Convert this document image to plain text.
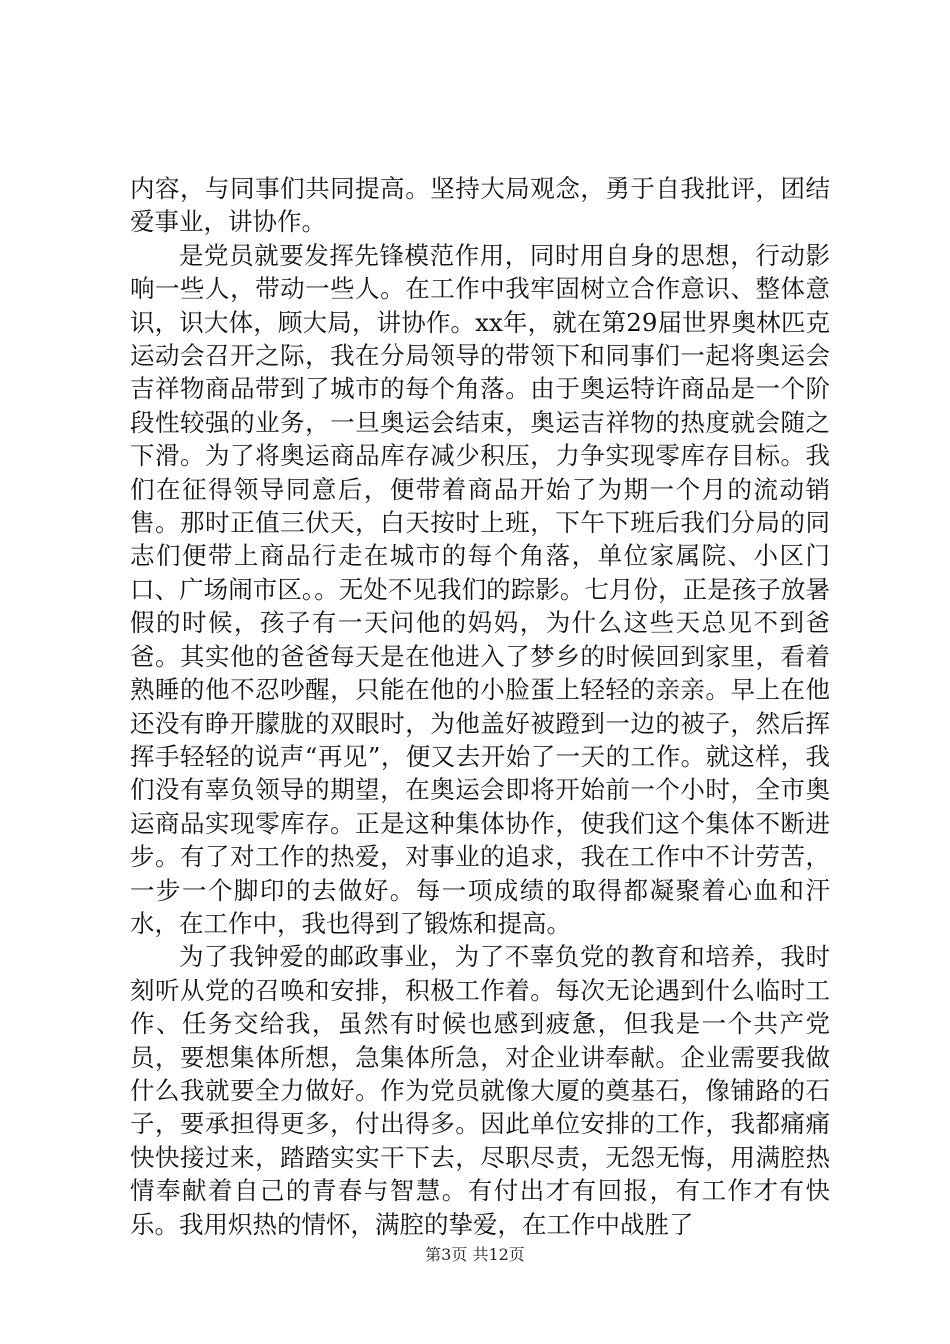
内容，与同事们共同提高。坚持大局观念，勇于自我批评，团结爱事业，讲协作。

是党员就要发挥先锋模范作用，同时用自身的思想，行动影响一些人，带动一些人。在工作中我牢固树立合作意识、整体意识，识大体，顾大局，讲协作。xx年，就在第29届世界奥林匹克运动会召开之际，我在分局领导的带领下和同事们一起将奥运会吉祥物商品带到了城市的每个角落。由于奥运特许商品是一个阶段性较强的业务，一旦奥运会结束，奥运吉祥物的热度就会随之下滑。为了将奥运商品库存减少积压，力争实现零库存目标。我们在征得领导同意后，便带着商品开始了为期一个月的流动销售。那时正值三伏天，白天按时上班，下午下班后我们分局的同志们便带上商品行走在城市的每个角落，单位家属院、小区门口、广场闹市区。。无处不见我们的踪影。七月份，正是孩子放暑假的时候，孩子有一天问他的妈妈，为什么这些天总见不到爸爸。其实他的爸爸每天是在他进入了梦乡的时候回到家里，看着熟睡的他不忍吵醒，只能在他的小脸蛋上轻轻的亲亲。早上在他还没有睁开朦胧的双眼时，为他盖好被蹬到一边的被子，然后挥挥手轻轻的说声“再见”，便又去开始了一天的工作。就这样，我们没有辜负领导的期望，在奥运会即将开始前一个小时，全市奥运商品实现零库存。正是这种集体协作，使我们这个集体不断进步。有了对工作的热爱，对事业的追求，我在工作中不计劳苦，一步一个脚印的去做好。每一项成绩的取得都凝聚着心血和汗水，在工作中，我也得到了锻炼和提高。

为了我钟爱的邮政事业，为了不辜负党的教育和培养，我时刻听从党的召唤和安排，积极工作着。每次无论遇到什么临时工作、任务交给我，虽然有时候也感到疲惫，但我是一个共产党员，要想集体所想，急集体所急，对企业讲奉献。企业需要我做什么我就要全力做好。作为党员就像大厦的奠基石，像铺路的石子，要承担得更多，付出得多。因此单位安排的工作，我都痛痛快快接过来，踏踏实实干下去，尽职尽责，无怨无悔，用满腔热情奉献着自己的青春与智慧。有付出才有回报，有工作才有快乐。我用炽热的情怀，满腔的挚爱，在工作中战胜了

第3页 共12页
